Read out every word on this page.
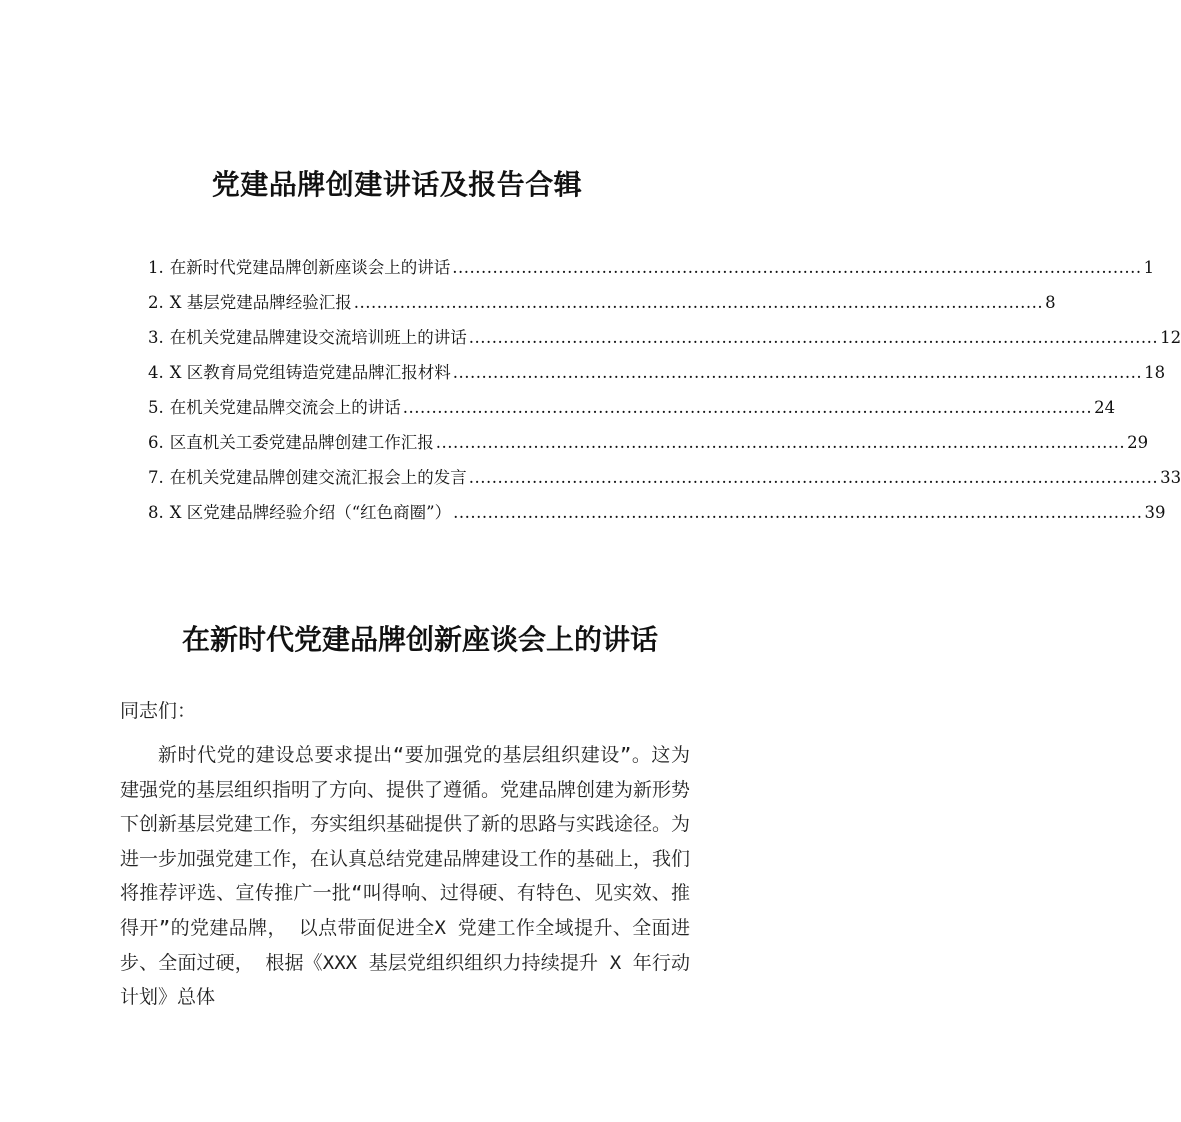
党建品牌创建讲话及报告合辑
1. 在新时代党建品牌创新座谈会上的讲话 ........................................................................................................................ 1
2. X 基层党建品牌经验汇报 ........................................................................................................................ 8
3. 在机关党建品牌建设交流培训班上的讲话 ........................................................................................................................ 12
4. X 区教育局党组铸造党建品牌汇报材料 ........................................................................................................................ 18
5. 在机关党建品牌交流会上的讲话 ........................................................................................................................ 24
6. 区直机关工委党建品牌创建工作汇报 ........................................................................................................................ 29
7. 在机关党建品牌创建交流汇报会上的发言 ........................................................................................................................ 33
8. X 区党建品牌经验介绍（“红色商圈”） ........................................................................................................................ 39
在新时代党建品牌创新座谈会上的讲话
同志们：
新时代党的建设总要求提出“要加强党的基层组织建设”。这为建强党的基层组织指明了方向、提供了遵循。党建品牌创建为新形势下创新基层党建工作，夯实组织基础提供了新的思路与实践途径。为进一步加强党建工作，在认真总结党建品牌建设工作的基础上，我们将推荐评选、宣传推广一批“叫得响、过得硬、有特色、见实效、推得开”的党建品牌， 以点带面促进全X 党建工作全域提升、全面进步、全面过硬， 根据《XXX 基层党组织组织力持续提升 X 年行动计划》总体
